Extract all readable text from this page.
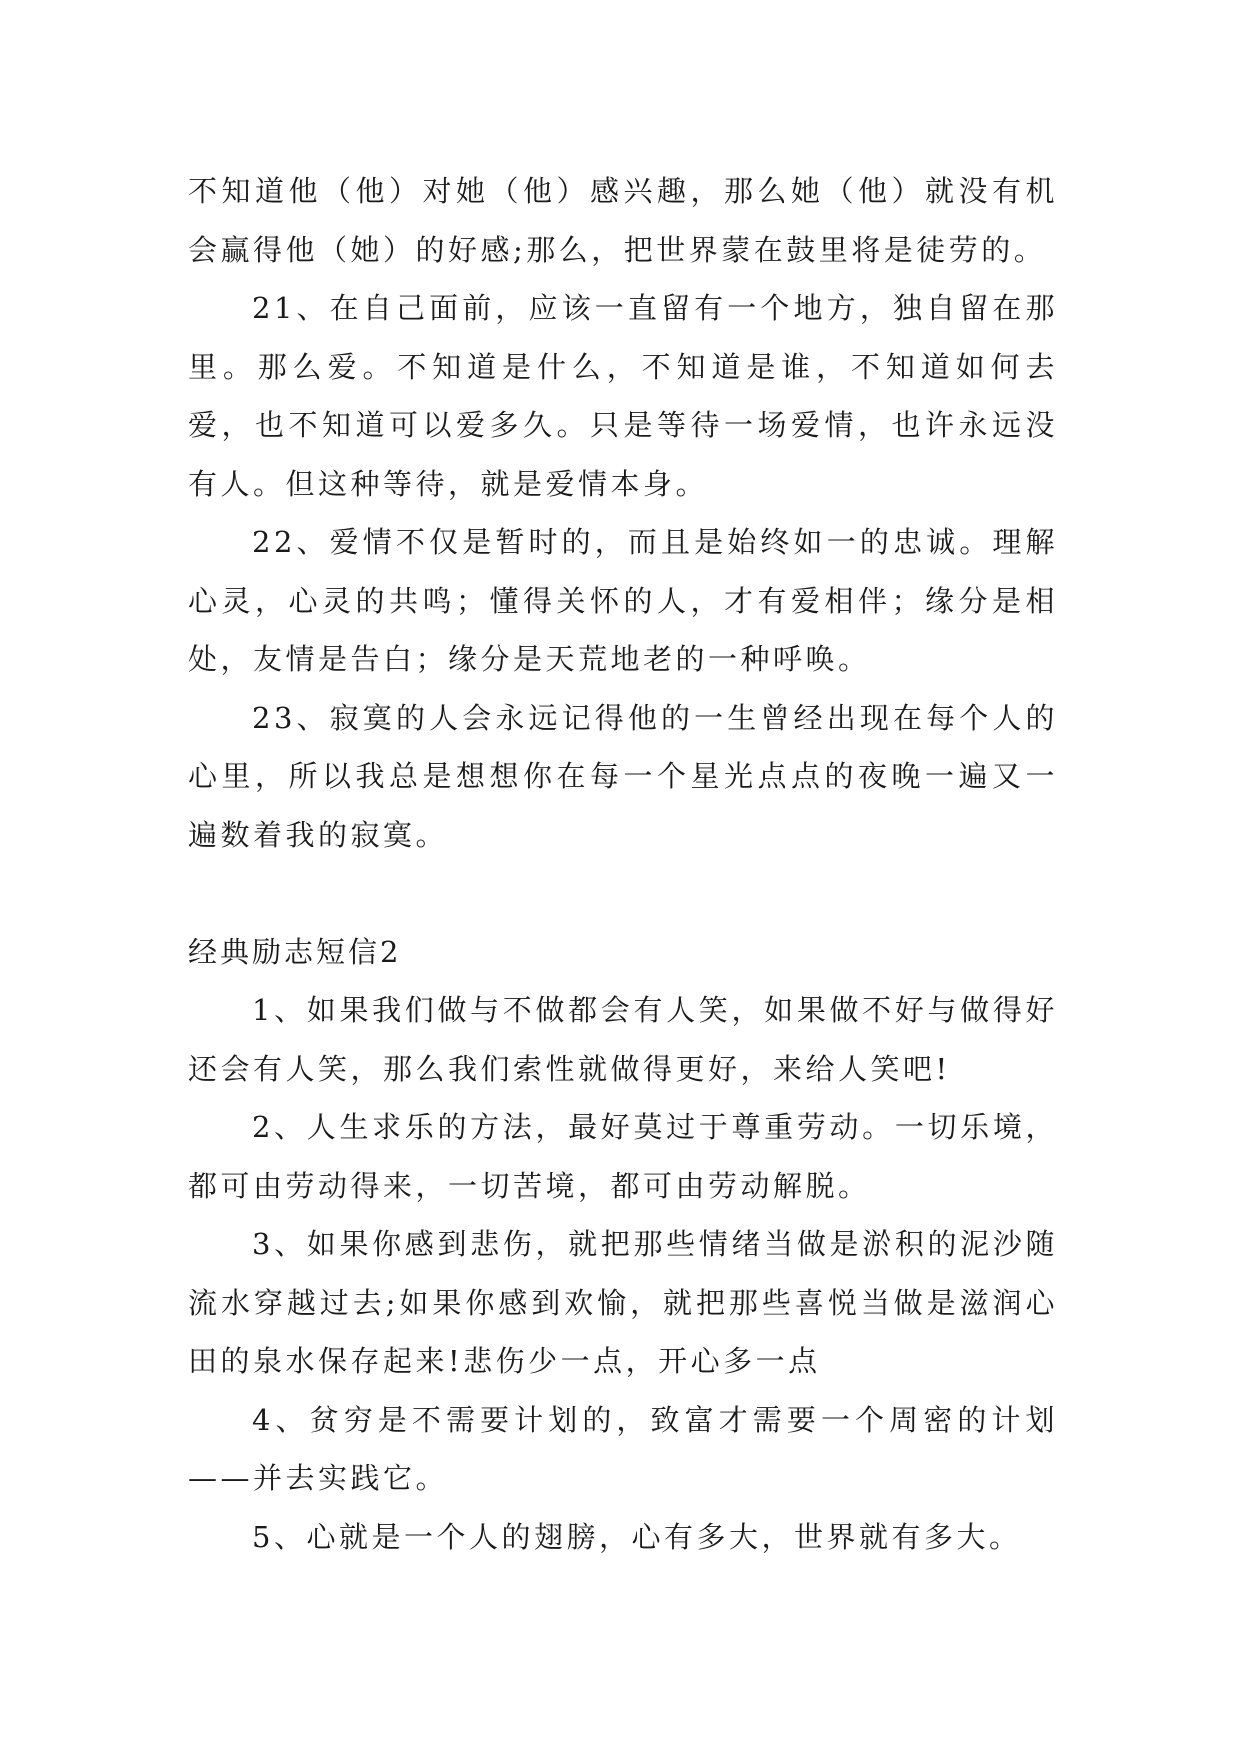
不知道他（他）对她（他）感兴趣，那么她（他）就没有机会赢得他（她）的好感;那么，把世界蒙在鼓里将是徒劳的。

21、在自己面前，应该一直留有一个地方，独自留在那里。那么爱。不知道是什么，不知道是谁，不知道如何去爱，也不知道可以爱多久。只是等待一场爱情，也许永远没有人。但这种等待，就是爱情本身。

22、爱情不仅是暂时的，而且是始终如一的忠诚。理解心灵，心灵的共鸣；懂得关怀的人，才有爱相伴；缘分是相处，友情是告白；缘分是天荒地老的一种呼唤。

23、寂寞的人会永远记得他的一生曾经出现在每个人的心里，所以我总是想想你在每一个星光点点的夜晚一遍又一遍数着我的寂寞。

经典励志短信2

1、如果我们做与不做都会有人笑，如果做不好与做得好还会有人笑，那么我们索性就做得更好，来给人笑吧!

2、人生求乐的方法，最好莫过于尊重劳动。一切乐境，都可由劳动得来，一切苦境，都可由劳动解脱。

3、如果你感到悲伤，就把那些情绪当做是淤积的泥沙随流水穿越过去;如果你感到欢愉，就把那些喜悦当做是滋润心田的泉水保存起来!悲伤少一点，开心多一点

4、贫穷是不需要计划的，致富才需要一个周密的计划——并去实践它。

5、心就是一个人的翅膀，心有多大，世界就有多大。
